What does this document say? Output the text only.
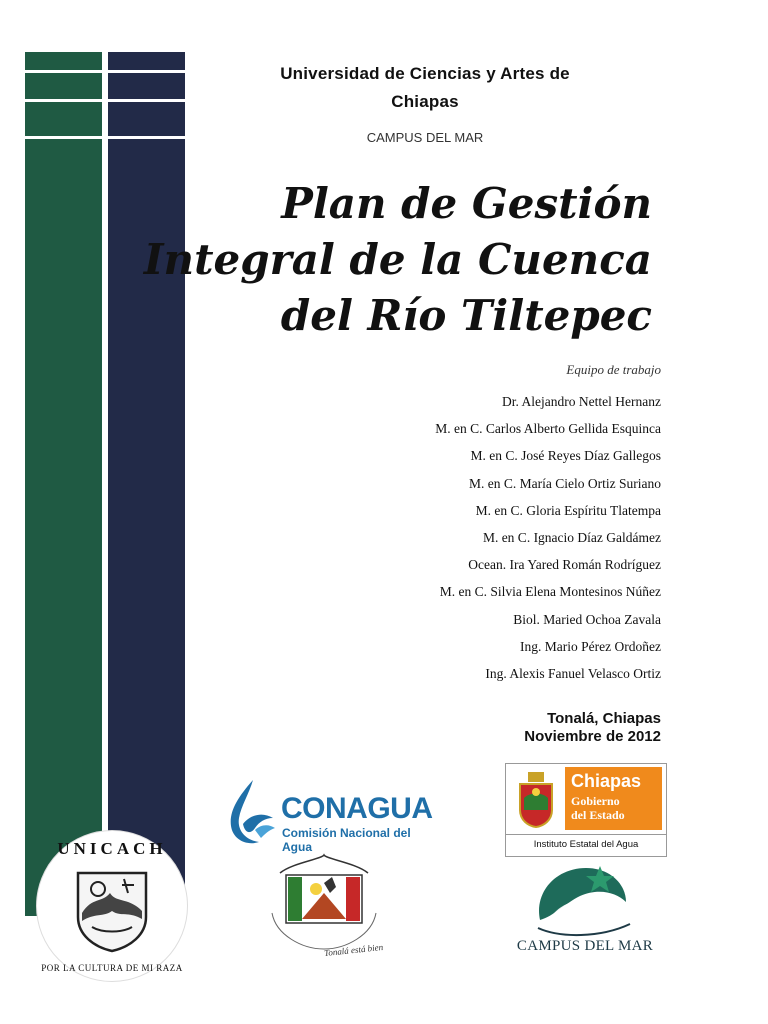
Universidad de Ciencias y Artes de
Chiapas
CAMPUS DEL MAR
Plan de Gestión
Integral de la Cuenca
del Río Tiltepec
Equipo de trabajo
Dr. Alejandro Nettel Hernanz
M. en C. Carlos Alberto Gellida Esquinca
M. en C. José Reyes Díaz Gallegos
M. en C. María Cielo Ortiz Suriano
M. en C. Gloria Espíritu Tlatempa
M. en C. Ignacio Díaz Galdámez
Ocean. Ira Yared Román Rodríguez
M. en C. Silvia Elena Montesinos Núñez
Biol. Maried Ochoa Zavala
Ing. Mario Pérez Ordoñez
Ing. Alexis Fanuel Velasco Ortiz
Tonalá, Chiapas
Noviembre de 2012
CONAGUA
Comisión Nacional del Agua
Chiapas
Gobierno
del Estado
Instituto Estatal del Agua
UNICACH
POR LA CULTURA DE MI RAZA
Tonalá está bien	CAMPUS DEL MAR
